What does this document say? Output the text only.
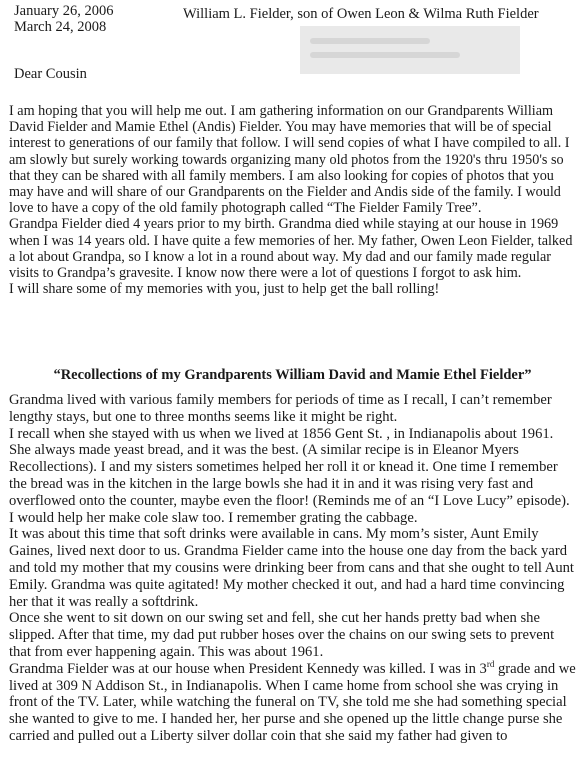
January 26, 2006
March 24, 2008
William L. Fielder, son of Owen Leon & Wilma Ruth Fielder
Dear Cousin

I am hoping that you will help me out. I am gathering information on our Grandparents William David Fielder and Mamie Ethel (Andis) Fielder. You may have memories that will be of special interest to generations of our family that follow. I will send copies of what I have compiled to all. I am slowly but surely working towards organizing many old photos from the 1920's thru 1950's so that they can be shared with all family members. I am also looking for copies of photos that you may have and will share of our Grandparents on the Fielder and Andis side of the family. I would love to have a copy of the old family photograph called “The Fielder Family Tree”.

Grandpa Fielder died 4 years prior to my birth. Grandma died while staying at our house in 1969 when I was 14 years old. I have quite a few memories of her. My father, Owen Leon Fielder, talked a lot about Grandpa, so I know a lot in a round about way. My dad and our family made regular visits to Grandpa’s gravesite. I know now there were a lot of questions I forgot to ask him.

I will share some of my memories with you, just to help get the ball rolling!

“Recollections of my Grandparents William David and Mamie Ethel Fielder”

Grandma lived with various family members for periods of time as I recall, I can’t remember lengthy stays, but one to three months seems like it might be right.

I recall when she stayed with us when we lived at 1856 Gent St. , in Indianapolis about 1961. She always made yeast bread, and it was the best. (A similar recipe is in Eleanor Myers Recollections). I and my sisters sometimes helped her roll it or knead it. One time I remember the bread was in the kitchen in the large bowls she had it in and it was rising very fast and overflowed onto the counter, maybe even the floor! (Reminds me of an “I Love Lucy” episode).

I would help her make cole slaw too. I remember grating the cabbage.

It was about this time that soft drinks were available in cans. My mom’s sister, Aunt Emily Gaines, lived next door to us. Grandma Fielder came into the house one day from the back yard and told my mother that my cousins were drinking beer from cans and that she ought to tell Aunt Emily. Grandma was quite agitated! My mother checked it out, and had a hard time convincing her that it was really a softdrink.

Once she went to sit down on our swing set and fell, she cut her hands pretty bad when she slipped. After that time, my dad put rubber hoses over the chains on our swing sets to prevent that from ever happening again. This was about 1961.

Grandma Fielder was at our house when President Kennedy was killed. I was in 3rd grade and we lived at 309 N Addison St., in Indianapolis. When I came home from school she was crying in front of the TV. Later, while watching the funeral on TV, she told me she had something special she wanted to give to me. I handed her, her purse and she opened up the little change purse she carried and pulled out a Liberty silver dollar coin that she said my father had given to
